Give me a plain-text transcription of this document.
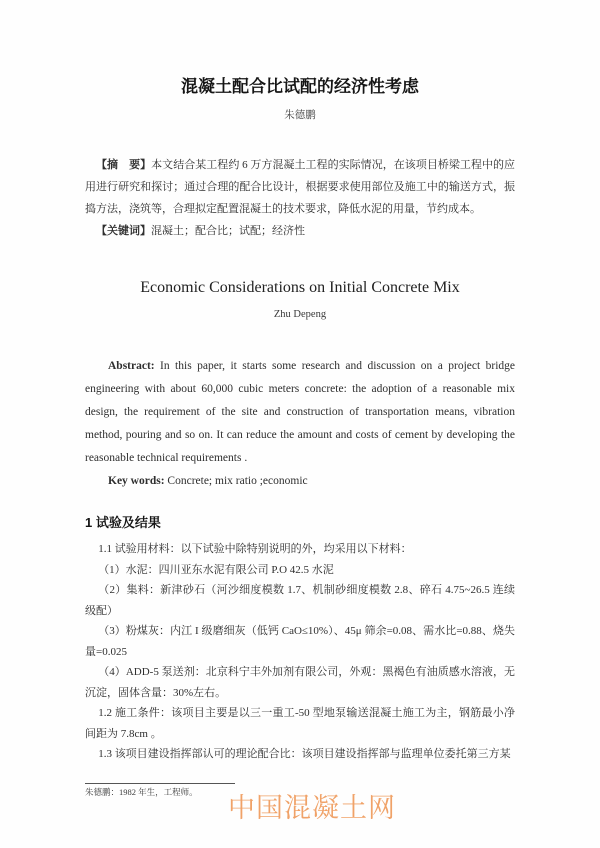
混凝土配合比试配的经济性考虑
朱德鹏

【摘　要】本文结合某工程约 6 万方混凝土工程的实际情况，在该项目桥梁工程中的应用进行研究和探讨；通过合理的配合比设计，根据要求使用部位及施工中的输送方式，振捣方法，浇筑等，合理拟定配置混凝土的技术要求，降低水泥的用量，节约成本。

【关键词】混凝土；配合比；试配；经济性

Economic Considerations on Initial Concrete Mix
Zhu Depeng

Abstract: In this paper, it starts some research and discussion on a project bridge engineering with about 60,000 cubic meters concrete: the adoption of a reasonable mix design, the requirement of the site and construction of transportation means, vibration method, pouring and so on. It can reduce the amount and costs of cement by developing the reasonable technical requirements .

Key words: Concrete; mix ratio ;economic

1 试验及结果

1.1 试验用材料：以下试验中除特别说明的外，均采用以下材料：

（1）水泥：四川亚东水泥有限公司 P.O 42.5 水泥

（2）集料：新津砂石（河沙细度模数 1.7、机制砂细度模数 2.8、碎石 4.75~26.5 连续级配）

（3）粉煤灰：内江 I 级磨细灰（低钙 CaO≤10%）、45μ 筛余=0.08、需水比=0.88、烧失量=0.025

（4）ADD-5 泵送剂：北京科宁丰外加剂有限公司，外观：黑褐色有油质感水溶液，无沉淀，固体含量：30%左右。

1.2 施工条件：该项目主要是以三一重工-50 型地泵输送混凝土施工为主，钢筋最小净间距为 7.8cm 。

1.3 该项目建设指挥部认可的理论配合比：该项目建设指挥部与监理单位委托第三方某

朱德鹏：1982 年生，工程师。
中国混凝土网
